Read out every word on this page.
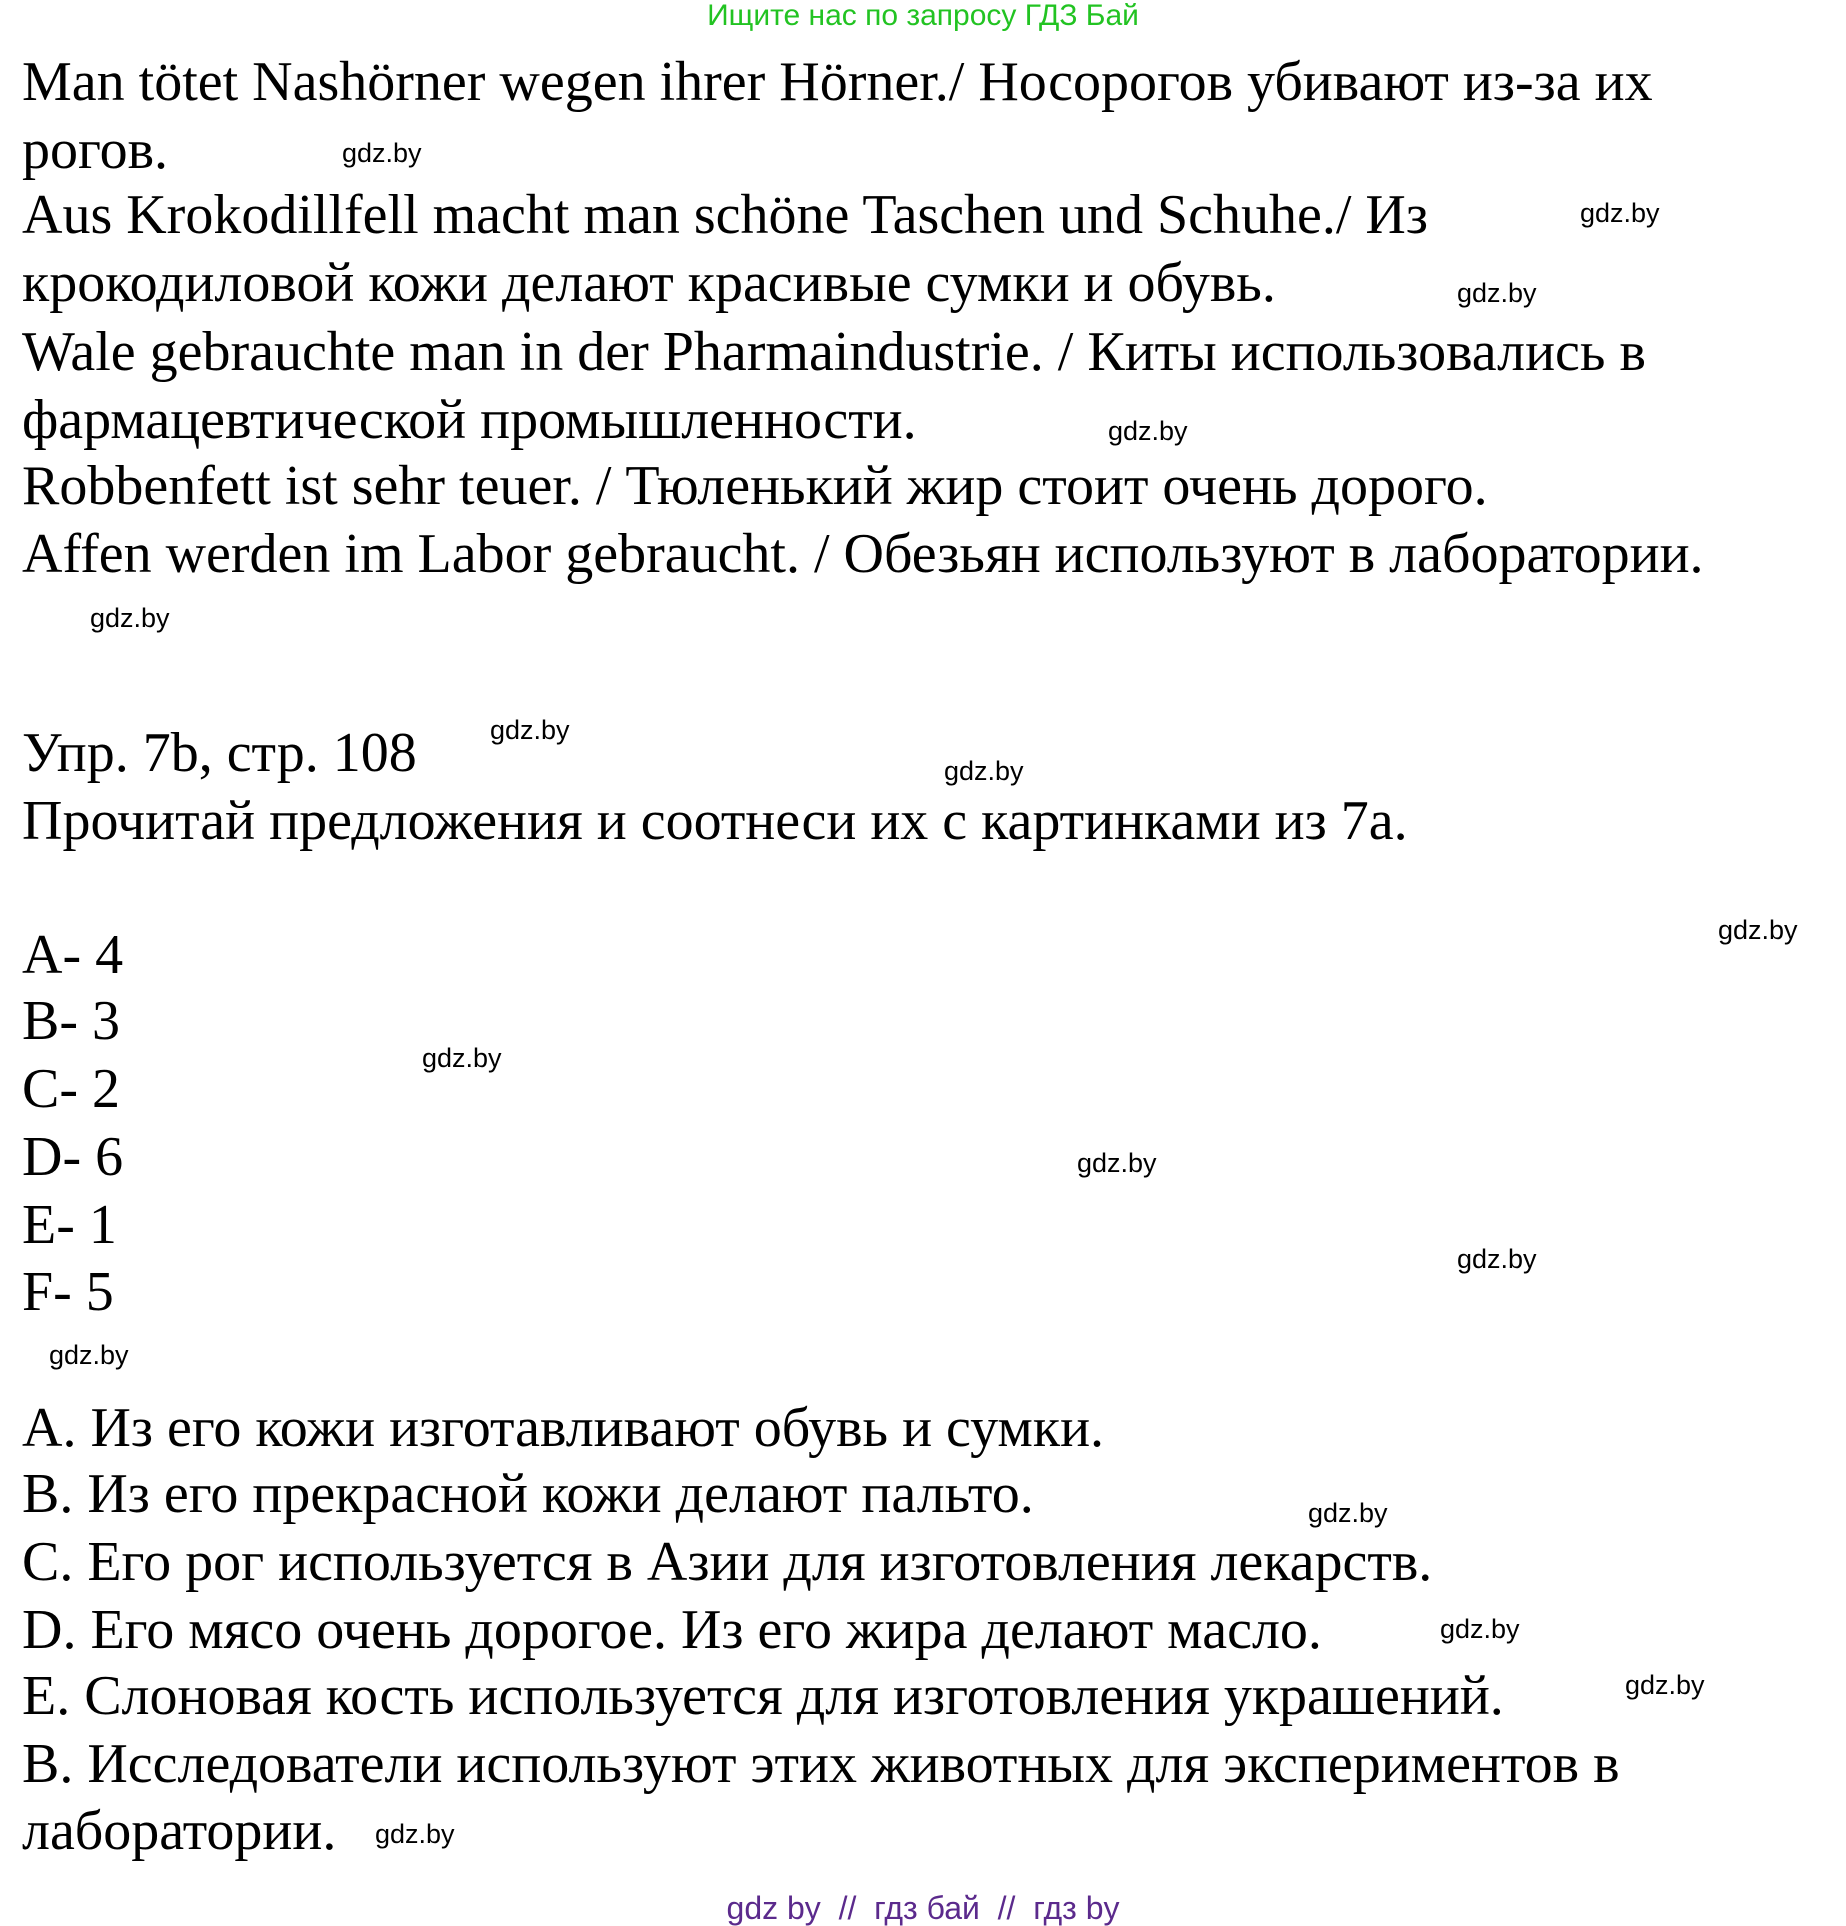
Ищите нас по запросу ГДЗ Бай
Man tötet Nashörner wegen ihrer Hörner./ Носорогов убивают из-за их
рогов.
Aus Krokodillfell macht man schöne Taschen und Schuhe./ Из
крокодиловой кожи делают красивые сумки и обувь.
Wale gebrauchte man in der Pharmaindustrie. / Киты использовались в
фармацевтической промышленности.
Robbenfett ist sehr teuer. / Тюленький жир стоит очень дорого.
Affen werden im Labor gebraucht. / Обезьян используют в лаборатории.
Упр. 7b, стр. 108
Прочитай предложения и соотнеси их с картинками из 7a.
A- 4
B- 3
C- 2
D- 6
E- 1
F- 5
A. Из его кожи изготавливают обувь и сумки.
B. Из его прекрасной кожи делают пальто.
C. Его рог используется в Азии для изготовления лекарств.
D. Его мясо очень дорогое. Из его жира делают масло.
E. Слоновая кость используется для изготовления украшений.
B. Исследователи используют этих животных для экспериментов в
лаборатории.
gdz.by
gdz.by
gdz.by
gdz.by
gdz.by
gdz.by
gdz.by
gdz.by
gdz.by
gdz.by
gdz.by
gdz.by
gdz.by
gdz.by
gdz.by
gdz.by
gdz by  //  гдз бай  //  гдз by
